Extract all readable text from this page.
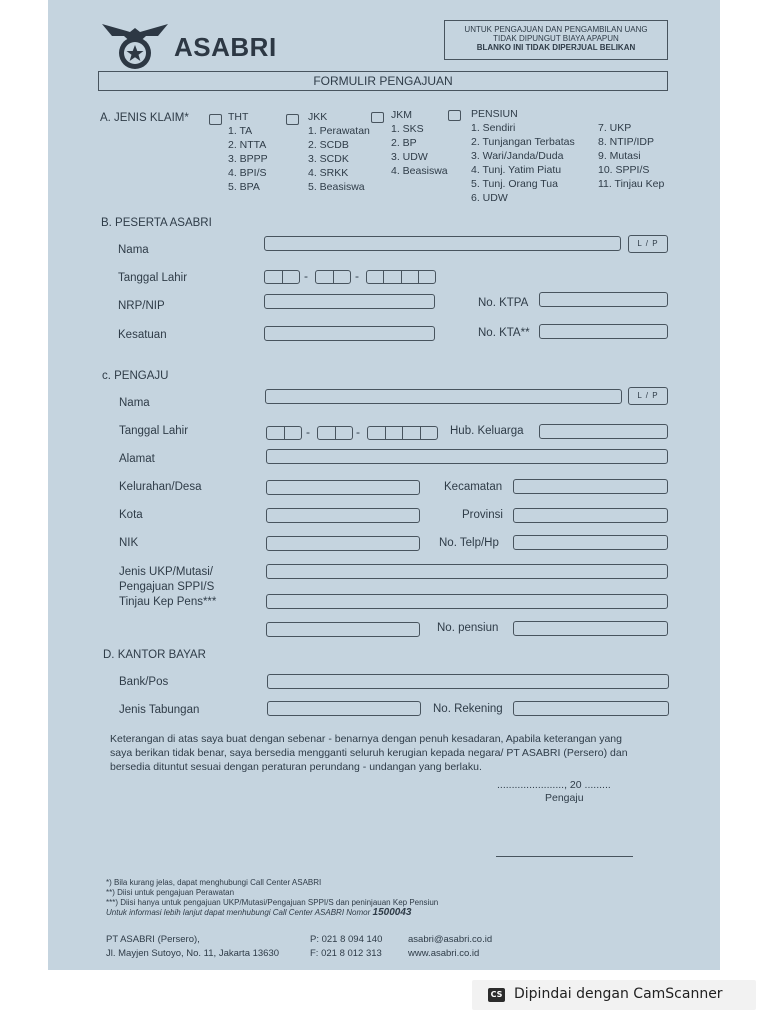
ASABRI
UNTUK PENGAJUAN DAN PENGAMBILAN UANG
TIDAK DIPUNGUT BIAYA APAPUN
BLANKO INI TIDAK DIPERJUAL BELIKAN
FORMULIR PENGAJUAN
A. JENIS KLAIM*	THT
1. TA
2. NTTA
3. BPPP
4. BPI/S
5. BPA
JKK
1. Perawatan
2. SCDB
3. SCDK
4. SRKK
5. Beasiswa
JKM
1. SKS
2. BP
3. UDW
4. Beasiswa
PENSIUN
1. Sendiri
2. Tunjangan Terbatas
3. Wari/Janda/Duda
4. Tunj. Yatim Piatu
5. Tunj. Orang Tua
6. UDW
7. UKP
8. NTIP/IDP
9. Mutasi
10. SPPI/S
11. Tinjau Kep
B. PESERTA ASABRI
Nama
L / P
Tanggal Lahir	-	-
NRP/NIP	No. KTPA
Kesatuan	No. KTA**
c. PENGAJU
Nama
L / P
Tanggal Lahir	-	-	Hub. Keluarga
Alamat
Kelurahan/Desa	Kecamatan
Kota	Provinsi
NIK	No. Telp/Hp
Jenis UKP/Mutasi/
Pengajuan SPPI/S
Tinjau Kep Pens***
No. pensiun
D. KANTOR BAYAR
Bank/Pos
Jenis Tabungan	No. Rekening
Keterangan di atas saya buat dengan sebenar - benarnya dengan penuh kesadaran, Apabila keterangan yang
saya berikan tidak benar, saya bersedia mengganti seluruh kerugian kepada negara/ PT ASABRI (Persero) dan
bersedia dituntut sesuai dengan peraturan perundang - undangan yang berlaku.
......................., 20 .........
Pengaju
*) Bila kurang jelas, dapat menghubungi Call Center ASABRI
**) Diisi untuk pengajuan Perawatan
***) Diisi hanya untuk pengajuan UKP/Mutasi/Pengajuan SPPI/S dan peninjauan Kep Pensiun
Untuk informasi lebih lanjut dapat menhubungi Call Center ASABRI Nomor 1500043
PT ASABRI (Persero),
Jl. Mayjen Sutoyo, No. 11, Jakarta 13630
P: 021 8 094 140
F: 021 8 012 313
asabri@asabri.co.id
www.asabri.co.id
CS Dipindai dengan CamScanner
